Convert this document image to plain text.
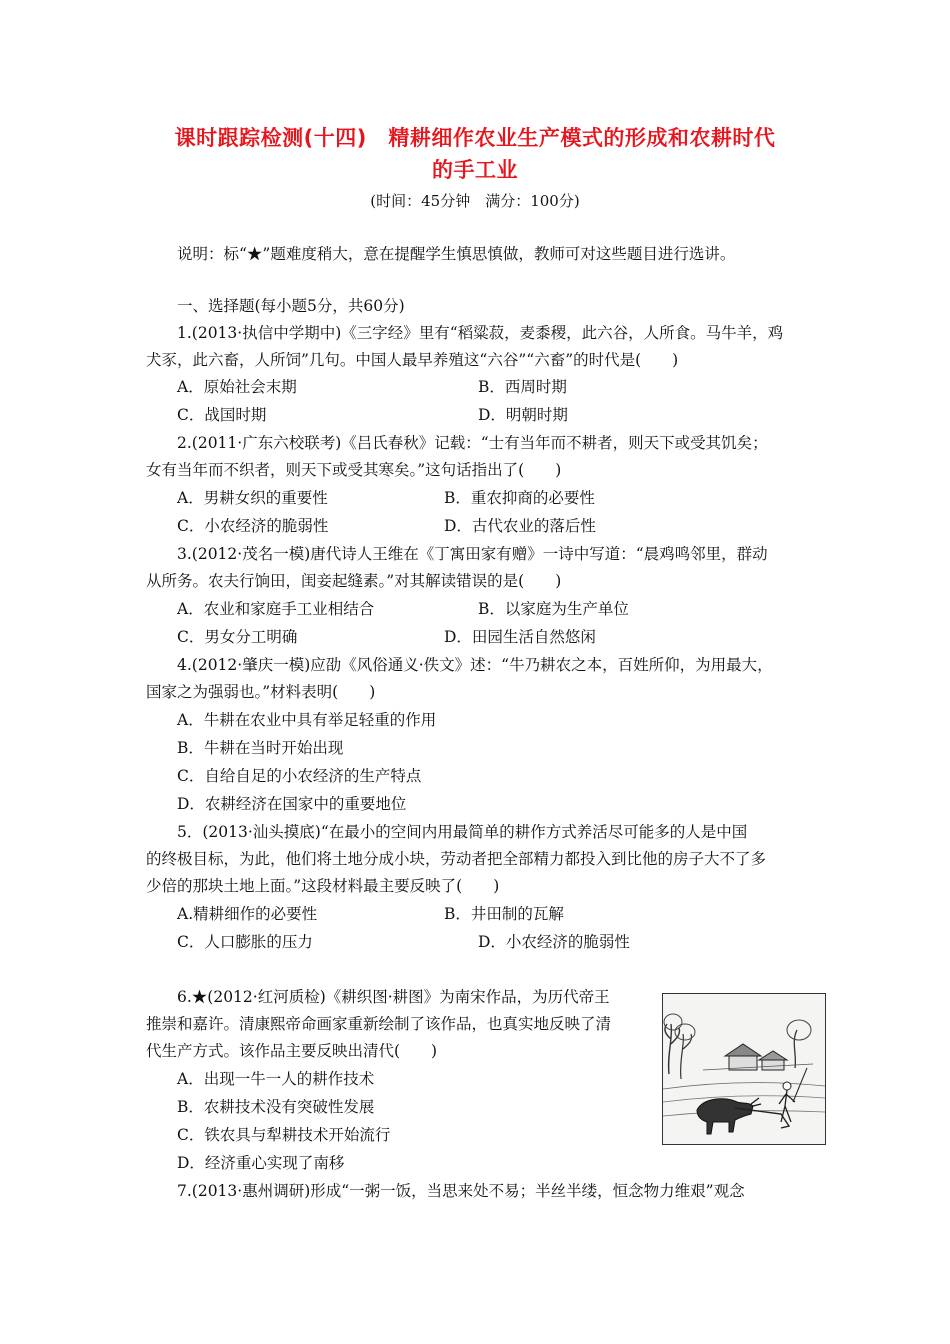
课时跟踪检测(十四)　精耕细作农业生产模式的形成和农耕时代
的手工业
(时间：45分钟　满分：100分)
说明：标“★”题难度稍大，意在提醒学生慎思慎做，教师可对这些题目进行选讲。
一、选择题(每小题5分，共60分)
1.(2013·执信中学期中)《三字经》里有“稻粱菽，麦黍稷，此六谷，人所食。马牛羊，鸡
犬豕，此六畜，人所饲”几句。中国人最早养殖这“六谷”“六畜”的时代是(　　)
A．原始社会末期	B．西周时期
C．战国时期	D．明朝时期
2.(2011·广东六校联考)《吕氏春秋》记载：“士有当年而不耕者，则天下或受其饥矣；
女有当年而不织者，则天下或受其寒矣。”这句话指出了(　　)
A．男耕女织的重要性	B．重农抑商的必要性
C．小农经济的脆弱性	D．古代农业的落后性
3.(2012·茂名一模)唐代诗人王维在《丁寓田家有赠》一诗中写道：“晨鸡鸣邻里，群动
从所务。农夫行饷田，闺妾起缝素。”对其解读错误的是(　　)
A．农业和家庭手工业相结合	B．以家庭为生产单位
C．男女分工明确	D．田园生活自然悠闲
4.(2012·肇庆一模)应劭《风俗通义·佚文》述：“牛乃耕农之本，百姓所仰，为用最大，
国家之为强弱也。”材料表明(　　)
A．牛耕在农业中具有举足轻重的作用
B．牛耕在当时开始出现
C．自给自足的小农经济的生产特点
D．农耕经济在国家中的重要地位
5．(2013·汕头摸底)“在最小的空间内用最简单的耕作方式养活尽可能多的人是中国
的终极目标，为此，他们将土地分成小块，劳动者把全部精力都投入到比他的房子大不了多
少倍的那块土地上面。”这段材料最主要反映了(　　)
A.精耕细作的必要性	B．井田制的瓦解
C．人口膨胀的压力	D．小农经济的脆弱性
6.★(2012·红河质检)《耕织图·耕图》为南宋作品，为历代帝王
推崇和嘉许。清康熙帝命画家重新绘制了该作品，也真实地反映了清
代生产方式。该作品主要反映出清代(　　)
A．出现一牛一人的耕作技术
B．农耕技术没有突破性发展
C．铁农具与犁耕技术开始流行
D．经济重心实现了南移
7.(2013·惠州调研)形成“一粥一饭，当思来处不易；半丝半缕，恒念物力维艰”观念
